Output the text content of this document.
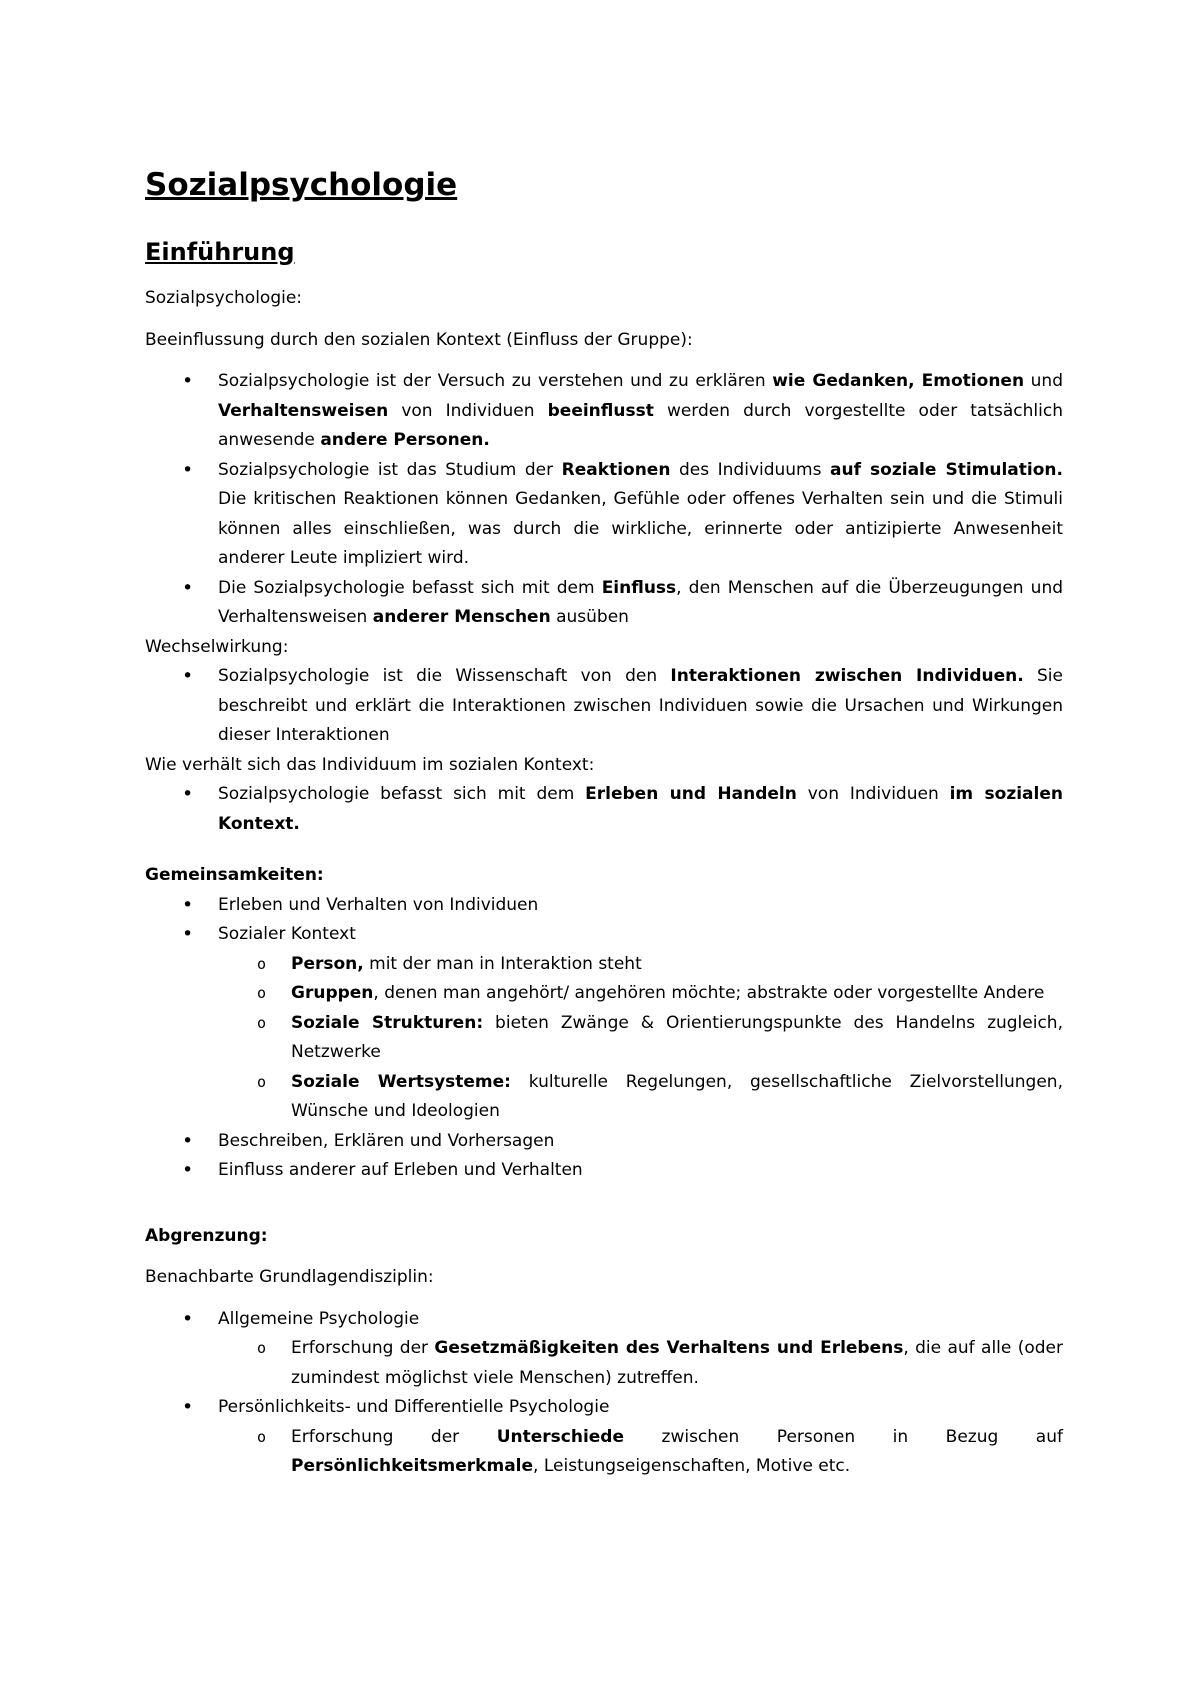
Sozialpsychologie
Einführung

Sozialpsychologie:

Beeinflussung durch den sozialen Kontext (Einfluss der Gruppe):

• Sozialpsychologie ist der Versuch zu verstehen und zu erklären wie Gedanken, Emotionen und Verhaltensweisen von Individuen beeinflusst werden durch vorgestellte oder tatsächlich anwesende andere Personen.
• Sozialpsychologie ist das Studium der Reaktionen des Individuums auf soziale Stimulation. Die kritischen Reaktionen können Gedanken, Gefühle oder offenes Verhalten sein und die Stimuli können alles einschließen, was durch die wirkliche, erinnerte oder antizipierte Anwesenheit anderer Leute impliziert wird.
• Die Sozialpsychologie befasst sich mit dem Einfluss, den Menschen auf die Überzeugungen und Verhaltensweisen anderer Menschen ausüben

Wechselwirkung:

• Sozialpsychologie ist die Wissenschaft von den Interaktionen zwischen Individuen. Sie beschreibt und erklärt die Interaktionen zwischen Individuen sowie die Ursachen und Wirkungen dieser Interaktionen

Wie verhält sich das Individuum im sozialen Kontext:

• Sozialpsychologie befasst sich mit dem Erleben und Handeln von Individuen im sozialen Kontext.

Gemeinsamkeiten:

• Erleben und Verhalten von Individuen
• Sozialer Kontext
o Person, mit der man in Interaktion steht
o Gruppen, denen man angehört/ angehören möchte; abstrakte oder vorgestellte Andere
o Soziale Strukturen: bieten Zwänge & Orientierungspunkte des Handelns zugleich, Netzwerke
o Soziale Wertsysteme: kulturelle Regelungen, gesellschaftliche Zielvorstellungen, Wünsche und Ideologien
• Beschreiben, Erklären und Vorhersagen
• Einfluss anderer auf Erleben und Verhalten

Abgrenzung:

Benachbarte Grundlagendisziplin:

• Allgemeine Psychologie
o Erforschung der Gesetzmäßigkeiten des Verhaltens und Erlebens, die auf alle (oder zumindest möglichst viele Menschen) zutreffen.
• Persönlichkeits- und Differentielle Psychologie
o Erforschung der Unterschiede zwischen Personen in Bezug auf Persönlichkeitsmerkmale, Leistungseigenschaften, Motive etc.
